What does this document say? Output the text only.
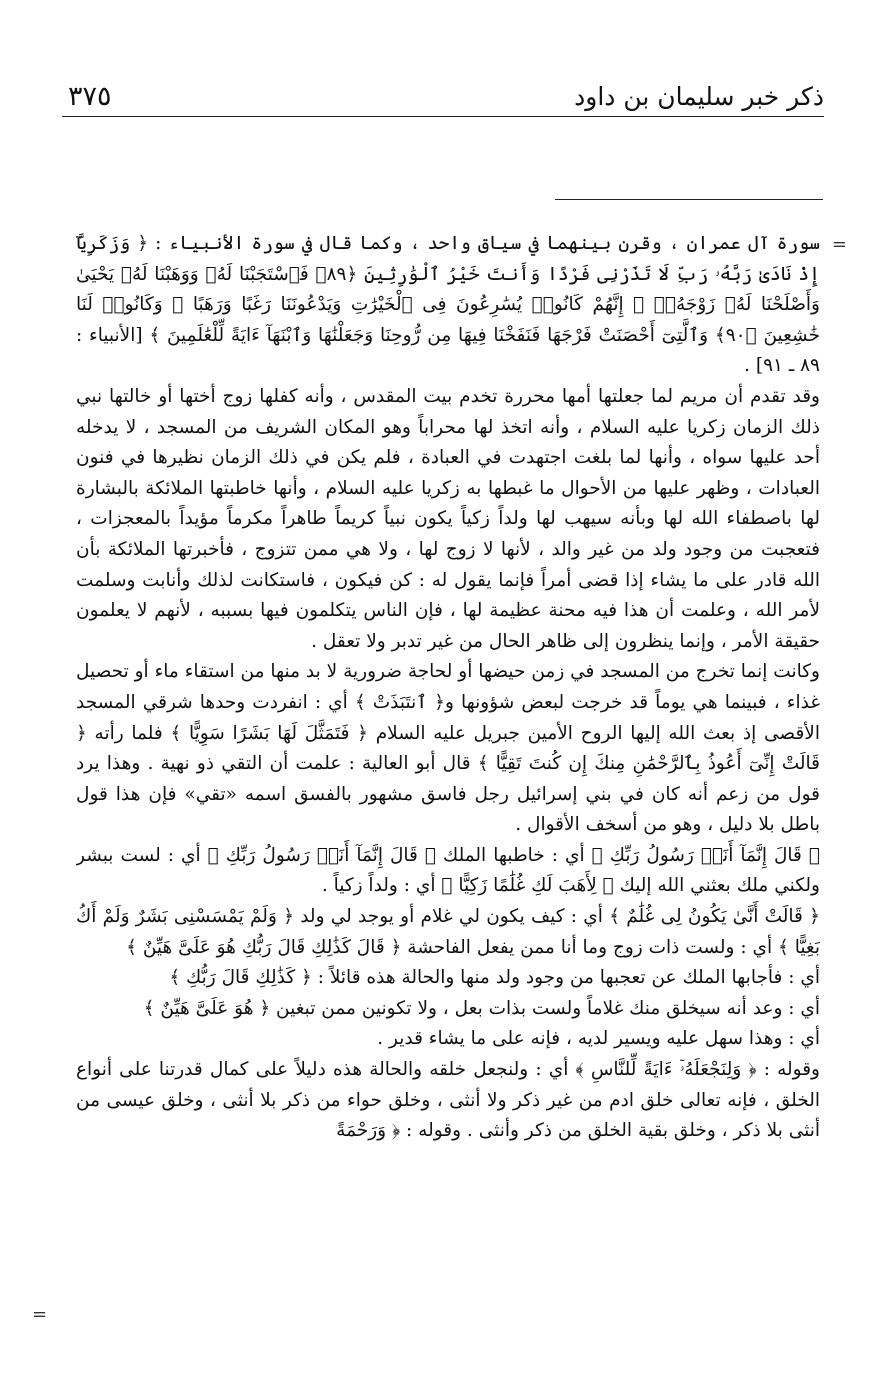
ذكر خبر سليمان بن داود
٣٧٥
=
=

سورة آل عمران ، وقرن بينهما في سياق واحد ، وكما قال في سورة الأنبياء : ﴿ وَزَكَرِيَّآ إِذْ نَادَىٰ رَبَّهُۥ رَبِّ لَا تَذَرْنِى فَرْدًا وَأَنتَ خَيْرُ ٱلْوَٰرِثِينَ ﴿٨٩﴾ فَٱسْتَجَبْنَا لَهُۥ وَوَهَبْنَا لَهُۥ يَحْيَىٰ وَأَصْلَحْنَا لَهُۥ زَوْجَهُۥٓ ۚ إِنَّهُمْ كَانُوا۟ يُسَٰرِعُونَ فِى ٱلْخَيْرَٰتِ وَيَدْعُونَنَا رَغَبًا وَرَهَبًا ۖ وَكَانُوا۟ لَنَا خَٰشِعِينَ ﴿٩٠﴾ وَٱلَّتِىٓ أَحْصَنَتْ فَرْجَهَا فَنَفَخْنَا فِيهَا مِن رُّوحِنَا وَجَعَلْنَٰهَا وَٱبْنَهَآ ءَايَةً لِّلْعَٰلَمِينَ ﴾ [الأنبياء : ٨٩ ـ ٩١] .

وقد تقدم أن مريم لما جعلتها أمها محررة تخدم بيت المقدس ، وأنه كفلها زوج أختها أو خالتها نبي ذلك الزمان زكريا عليه السلام ، وأنه اتخذ لها محراباً وهو المكان الشريف من المسجد ، لا يدخله أحد عليها سواه ، وأنها لما بلغت اجتهدت في العبادة ، فلم يكن في ذلك الزمان نظيرها في فنون العبادات ، وظهر عليها من الأحوال ما غبطها به زكريا عليه السلام ، وأنها خاطبتها الملائكة بالبشارة لها باصطفاء الله لها وبأنه سيهب لها ولداً زكياً يكون نبياً كريماً طاهراً مكرماً مؤيداً بالمعجزات ، فتعجبت من وجود ولد من غير والد ، لأنها لا زوج لها ، ولا هي ممن تتزوج ، فأخبرتها الملائكة بأن الله قادر على ما يشاء إذا قضى أمراً فإنما يقول له : كن فيكون ، فاستكانت لذلك وأنابت وسلمت لأمر الله ، وعلمت أن هذا فيه محنة عظيمة لها ، فإن الناس يتكلمون فيها بسببه ، لأنهم لا يعلمون حقيقة الأمر ، وإنما ينظرون إلى ظاهر الحال من غير تدبر ولا تعقل .

وكانت إنما تخرج من المسجد في زمن حيضها أو لحاجة ضرورية لا بد منها من استقاء ماء أو تحصيل غذاء ، فبينما هي يوماً قد خرجت لبعض شؤونها و﴿ ٱنتَبَذَتْ ﴾ أي : انفردت وحدها شرقي المسجد الأقصى إذ بعث الله إليها الروح الأمين جبريل عليه السلام ﴿ فَتَمَثَّلَ لَهَا بَشَرًا سَوِيًّا ﴾ فلما رأته ﴿ قَالَتْ إِنِّىٓ أَعُوذُ بِٱلرَّحْمَٰنِ مِنكَ إِن كُنتَ تَقِيًّا ﴾ قال أبو العالية : علمت أن التقي ذو نهية . وهذا يرد قول من زعم أنه كان في بني إسرائيل رجل فاسق مشهور بالفسق اسمه «تقي» فإن هذا قول باطل بلا دليل ، وهو من أسخف الأقوال .

﴿ قَالَ إِنَّمَآ أَنَا۠ رَسُولُ رَبِّكِ ﴾ أي : خاطبها الملك ﴿ قَالَ إِنَّمَآ أَنَا۠ رَسُولُ رَبِّكِ ﴾ أي : لست ببشر ولكني ملك بعثني الله إليك ﴿ لِأَهَبَ لَكِ غُلَٰمًا زَكِيًّا ﴾ أي : ولداً زكياً .

﴿ قَالَتْ أَنَّىٰ يَكُونُ لِى غُلَٰمٌ ﴾ أي : كيف يكون لي غلام أو يوجد لي ولد ﴿ وَلَمْ يَمْسَسْنِى بَشَرٌ وَلَمْ أَكُ بَغِيًّا ﴾ أي : ولست ذات زوج وما أنا ممن يفعل الفاحشة ﴿ قَالَ كَذَٰلِكِ قَالَ رَبُّكِ هُوَ عَلَىَّ هَيِّنٌ ﴾

أي : فأجابها الملك عن تعجبها من وجود ولد منها والحالة هذه قائلاً : ﴿ كَذَٰلِكِ قَالَ رَبُّكِ ﴾

أي : وعد أنه سيخلق منك غلاماً ولست بذات بعل ، ولا تكونين ممن تبغين ﴿ هُوَ عَلَىَّ هَيِّنٌ ﴾

أي : وهذا سهل عليه ويسير لديه ، فإنه على ما يشاء قدير .

وقوله : ﴿ وَلِنَجْعَلَهُۥٓ ءَايَةً لِّلنَّاسِ ﴾ أي : ولنجعل خلقه والحالة هذه دليلاً على كمال قدرتنا على أنواع الخلق ، فإنه تعالى خلق ادم من غير ذكر ولا أنثى ، وخلق حواء من ذكر بلا أنثى ، وخلق عيسى من أنثى بلا ذكر ، وخلق بقية الخلق من ذكر وأنثى . وقوله : ﴿ وَرَحْمَةً
